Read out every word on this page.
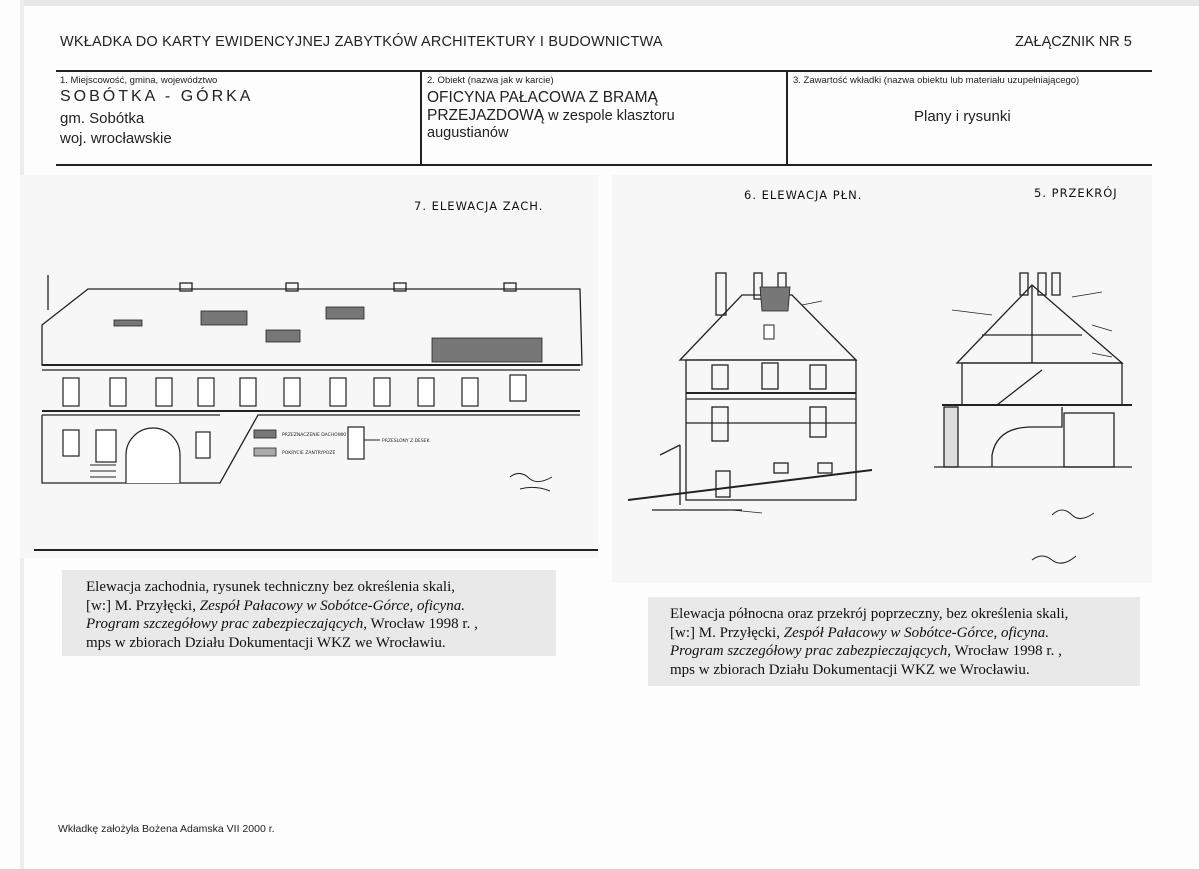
WKŁADKA DO KARTY EWIDENCYJNEJ ZABYTKÓW ARCHITEKTURY I BUDOWNICTWA	ZAŁĄCZNIK NR 5
1. Miejscowość, gmina, województwo
SOBÓTKA - GÓRKA
gm. Sobótka
woj. wrocławskie
2. Obiekt (nazwa jak w karcie)
OFICYNA PAŁACOWA Z BRAMĄ
PRZEJAZDOWĄ w zespole klasztoru
augustianów
3. Zawartość wkładki (nazwa obiektu lub materiału uzupełniającego)
Plany i rysunki
7. ELEWACJA ZACH.
PRZEZNACZENIE DACHOWKI
POKRYCIE ZANTRYPOZE
PRZESLONY Z DESEK
6. ELEWACJA PŁN.	5. PRZEKRÓJ
Elewacja zachodnia, rysunek techniczny bez określenia skali,
[w:] M. Przyłęcki, Zespół Pałacowy w Sobótce-Górce, oficyna.
Program szczegółowy prac zabezpieczających, Wrocław 1998 r. ,
mps w zbiorach Działu Dokumentacji WKZ we Wrocławiu.
Elewacja północna oraz przekrój poprzeczny, bez określenia skali,
[w:] M. Przyłęcki, Zespół Pałacowy w Sobótce-Górce, oficyna.
Program szczegółowy prac zabezpieczających, Wrocław 1998 r. ,
mps w zbiorach Działu Dokumentacji WKZ we Wrocławiu.
Wkładkę założyła Bożena Adamska VII 2000 r.
